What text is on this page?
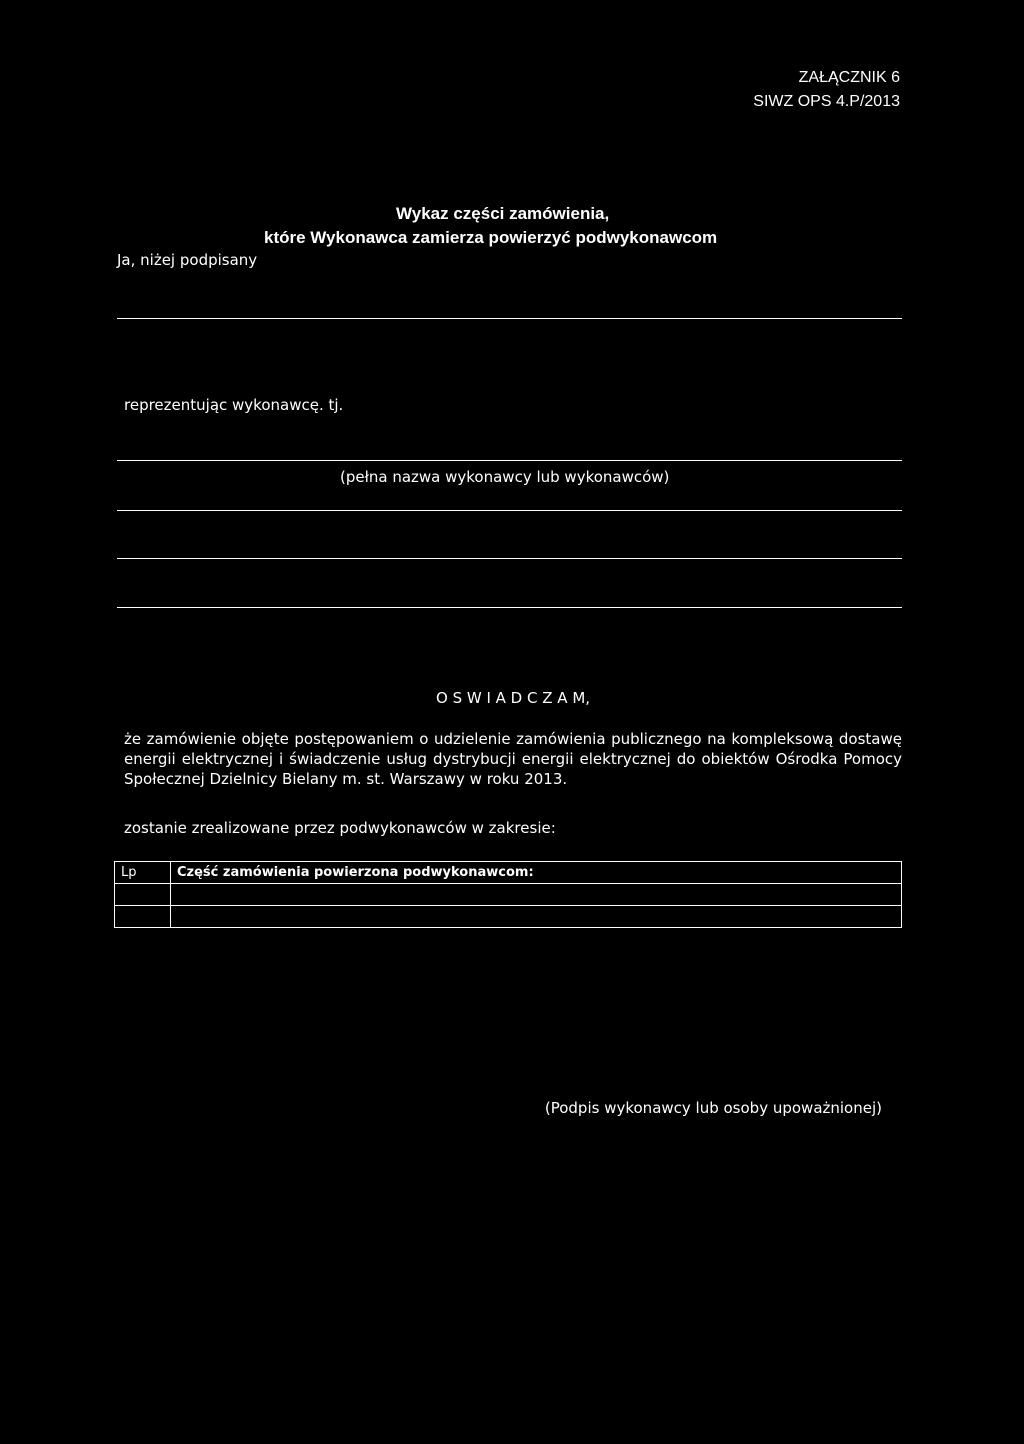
ZAŁĄCZNIK 6
SIWZ OPS 4.P/2013
Wykaz części zamówienia,
które Wykonawca zamierza powierzyć podwykonawcom
Ja, niżej podpisany
reprezentując wykonawcę. tj.
(pełna nazwa wykonawcy lub wykonawców)
O S W I A D C Z A M,
że zamówienie objęte postępowaniem o udzielenie zamówienia publicznego na kompleksową dostawę energii elektrycznej i świadczenie usług dystrybucji energii elektrycznej do obiektów Ośrodka Pomocy Społecznej Dzielnicy Bielany m. st. Warszawy w roku 2013.
zostanie zrealizowane przez podwykonawców w zakresie:
Lp	Część zamówienia powierzona podwykonawcom:

(Podpis wykonawcy lub osoby upoważnionej)
